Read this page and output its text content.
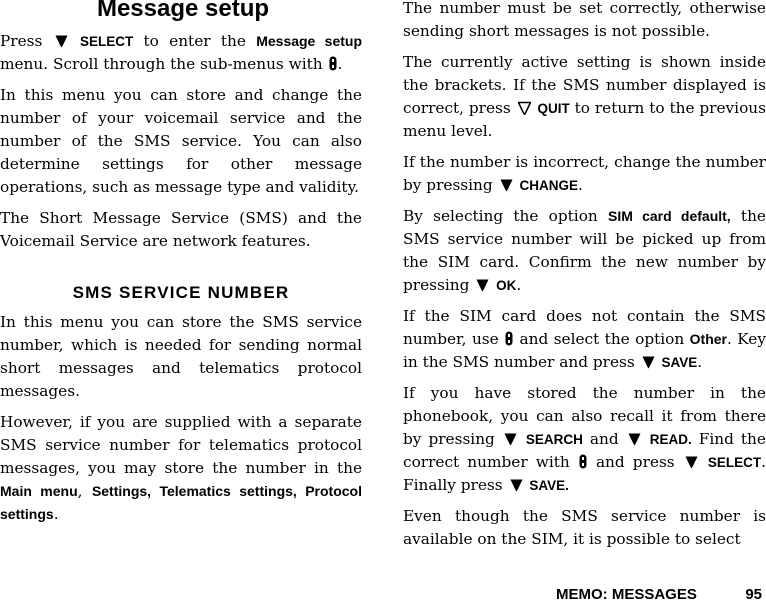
Message setup

Press	SELECT to enter the Message setup menu. Scroll through the sub-menus with .

In this menu you can store and change the number of your voicemail service and the number of the SMS service. You can also determine settings for other message operations, such as message type and validity.

The Short Message Service (SMS) and the Voicemail Service are network features.

SMS SERVICE NUMBER

In this menu you can store the SMS service number, which is needed for sending normal short messages and telematics protocol messages.

However, if you are supplied with a separate SMS service number for telematics protocol messages, you may store the number in the Main menu, Settings, Telematics settings, Protocol settings.

The number must be set correctly, otherwise sending short messages is not possible.

The currently active setting is shown inside the brackets. If the SMS number displayed is correct, press QUIT to return to the previous menu level.

If the number is incorrect, change the number by pressing CHANGE.

By selecting the option SIM card default, the SMS service number will be picked up from the SIM card. Confirm the new number by pressing OK.

If the SIM card does not contain the SMS number, use and select the option Other. Key in the SMS number and press SAVE.

If you have stored the number in the phonebook, you can also recall it from there by pressing SEARCH and READ. Find the correct number with and press SELECT. Finally press SAVE.

Even though the SMS service number is available on the SIM, it is possible to select

MEMO: MESSAGES	95
